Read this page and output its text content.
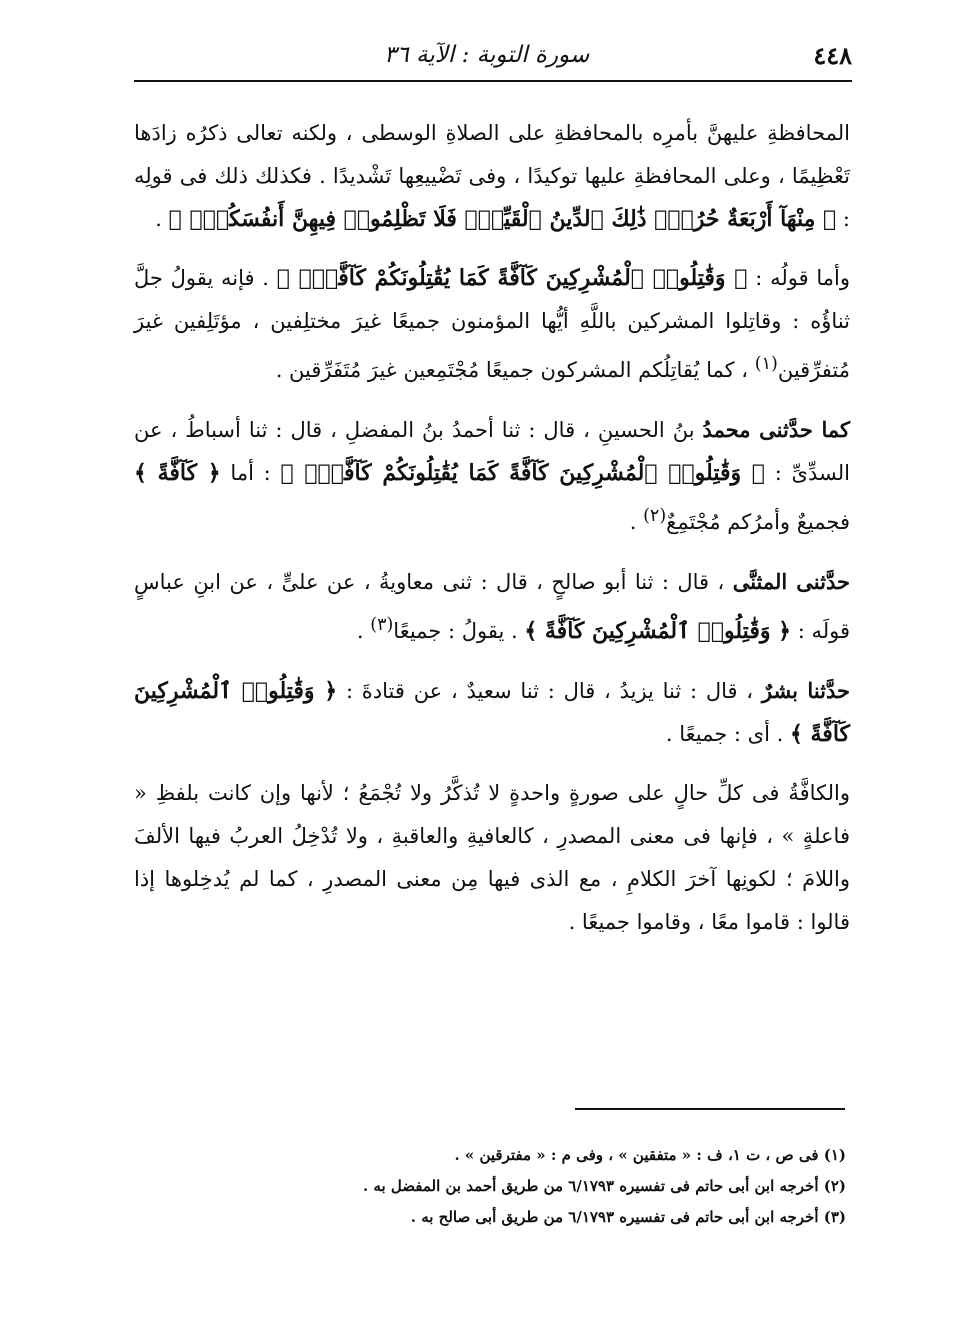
٤٤٨
سورة التوبة : الآية ٣٦

المحافظةِ عليهنَّ بأمرِه بالمحافظةِ على الصلاةِ الوسطى ، ولكنه تعالى ذكرُه زادَها تَعْظِيمًا ، وعلى المحافظةِ عليها توكيدًا ، وفى تَضْييعِها تَشْديدًا . فكذلك ذلك فى قولِه : ﴿ مِنْهَآ أَرْبَعَةٌ حُرُمٌۚ ذَٰلِكَ ٱلدِّينُ ٱلْقَيِّمُۚ فَلَا تَظْلِمُوا۟ فِيهِنَّ أَنفُسَكُمْۚ ﴾ .

وأما قولُه : ﴿ وَقَٰتِلُوا۟ ٱلْمُشْرِكِينَ كَآفَّةً كَمَا يُقَٰتِلُونَكُمْ كَآفَّةًۚ ﴾ . فإنه يقولُ جلَّ ثناؤُه : وقاتِلوا المشركين باللَّهِ أيُّها المؤمنون جميعًا غيرَ مختلِفين ، مؤتَلِفين غيرَ مُتفرِّقين$^{(١)}$ ، كما يُقاتِلُكم المشركون جميعًا مُجْتَمِعين غيرَ مُتَفَرِّقين .

كما حدَّثنى محمدُ بنُ الحسينِ ، قال : ثنا أحمدُ بنُ المفضلِ ، قال : ثنا أسباطُ ، عن السدِّىِّ : ﴿ وَقَٰتِلُوا۟ ٱلْمُشْرِكِينَ كَآفَّةً كَمَا يُقَٰتِلُونَكُمْ كَآفَّةًۚ ﴾ : أما ﴿ كَآفَّةً ﴾ فجميعٌ وأمرُكم مُجْتَمِعٌ$^{(٢)}$ .

حدَّثنى المثنَّى ، قال : ثنا أبو صالحٍ ، قال : ثنى معاويةُ ، عن علىٍّ ، عن ابنِ عباسٍ قولَه : ﴿ وَقَٰتِلُوا۟ ٱلْمُشْرِكِينَ كَآفَّةً ﴾ . يقولُ : جميعًا$^{(٣)}$ .

حدَّثنا بشرٌ ، قال : ثنا يزيدُ ، قال : ثنا سعيدٌ ، عن قتادةَ : ﴿ وَقَٰتِلُوا۟ ٱلْمُشْرِكِينَ كَآفَّةً ﴾ . أى : جميعًا .

والكافَّةُ فى كلِّ حالٍ على صورةٍ واحدةٍ لا تُذكَّرُ ولا تُجْمَعُ ؛ لأنها وإن كانت بلفظِ « فاعلةٍ » ، فإنها فى معنى المصدرِ ، كالعافيةِ والعاقبةِ ، ولا تُدْخِلُ العربُ فيها الألفَ واللامَ ؛ لكونِها آخرَ الكلامِ ، مع الذى فيها مِن معنى المصدرِ ، كما لم يُدخِلوها إذا قالوا : قاموا معًا ، وقاموا جميعًا .

(١) فى ص ، ت ١، ف : « متفقين » ، وفى م : « مفترقين » .
(٢) أخرجه ابن أبى حاتم فى تفسيره ٦/١٧٩٣ من طريق أحمد بن المفضل به .
(٣) أخرجه ابن أبى حاتم فى تفسيره ٦/١٧٩٣ من طريق أبى صالح به .
